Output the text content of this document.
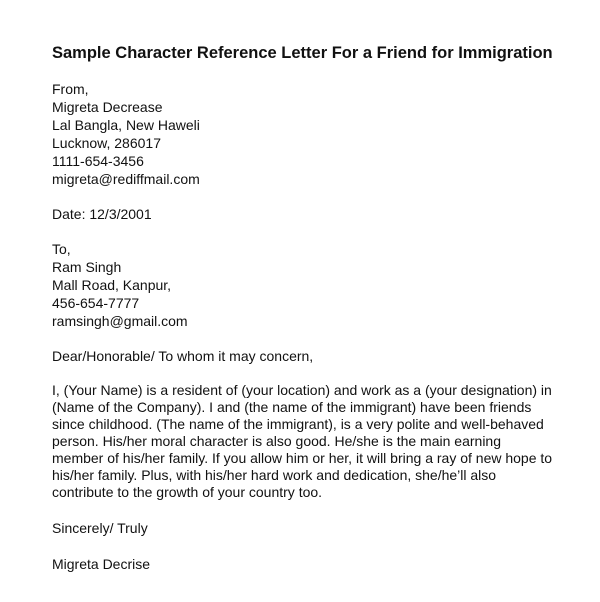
Sample Character Reference Letter For a Friend for Immigration
From,
Migreta Decrease
Lal Bangla, New Haweli
Lucknow, 286017
1111-654-3456
migreta@rediffmail.com
Date: 12/3/2001
To,
Ram Singh
Mall Road, Kanpur,
456-654-7777
ramsingh@gmail.com
Dear/Honorable/ To whom it may concern,
I, (Your Name) is a resident of (your location) and work as a (your designation) in
(Name of the Company). I and (the name of the immigrant) have been friends
since childhood. (The name of the immigrant), is a very polite and well-behaved
person. His/her moral character is also good. He/she is the main earning
member of his/her family. If you allow him or her, it will bring a ray of new hope to
his/her family. Plus, with his/her hard work and dedication, she/he’ll also
contribute to the growth of your country too.
Sincerely/ Truly
Migreta Decrise
